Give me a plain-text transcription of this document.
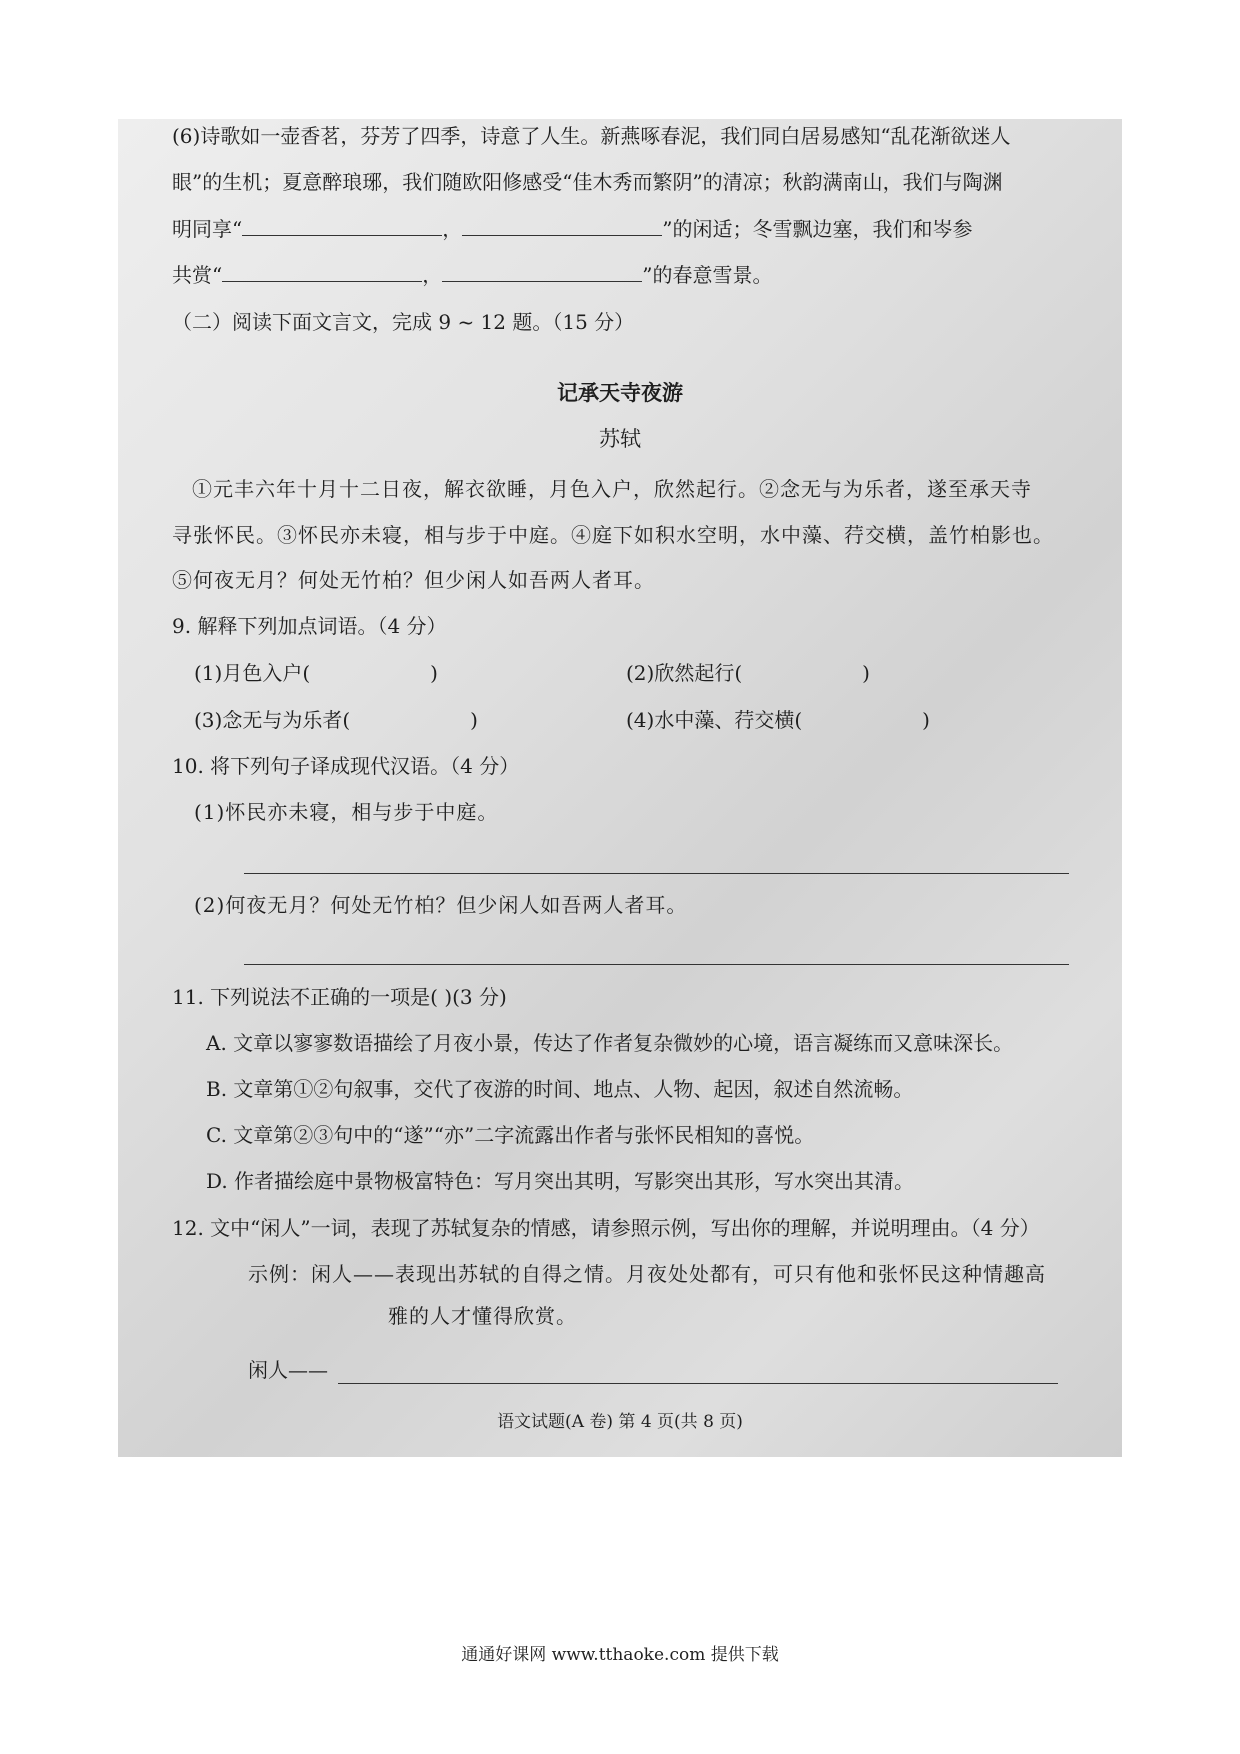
(6)诗歌如一壶香茗，芬芳了四季，诗意了人生。新燕啄春泥，我们同白居易感知“乱花渐欲迷人
眼”的生机；夏意醉琅琊，我们随欧阳修感受“佳木秀而繁阴”的清凉；秋韵满南山，我们与陶渊
明同享“	，	”的闲适；冬雪飘边塞，我们和岑参
共赏“	，	”的春意雪景。
（二）阅读下面文言文，完成 9 ~ 12 题。（15 分）
记承天寺夜游
苏轼
①元丰六年十月十二日夜，解衣欲睡，月色入户，欣然起行。②念无与为乐者，遂至承天寺
寻张怀民。③怀民亦未寝，相与步于中庭。④庭下如积水空明，水中藻、荇交横，盖竹柏影也。
⑤何夜无月？何处无竹柏？但少闲人如吾两人者耳。
9. 解释下列加点词语。（4 分）
(1)月色入户(	)	(2)欣然起行(	)
(3)念无与为乐者(	)	(4)水中藻、荇交横(	)
10. 将下列句子译成现代汉语。（4 分）
(1)怀民亦未寝，相与步于中庭。
(2)何夜无月？何处无竹柏？但少闲人如吾两人者耳。
11. 下列说法不正确的一项是( )(3 分)
A. 文章以寥寥数语描绘了月夜小景，传达了作者复杂微妙的心境，语言凝练而又意味深长。
B. 文章第①②句叙事，交代了夜游的时间、地点、人物、起因，叙述自然流畅。
C. 文章第②③句中的“遂”“亦”二字流露出作者与张怀民相知的喜悦。
D. 作者描绘庭中景物极富特色：写月突出其明，写影突出其形，写水突出其清。
12. 文中“闲人”一词，表现了苏轼复杂的情感，请参照示例，写出你的理解，并说明理由。（4 分）
示例：闲人——表现出苏轼的自得之情。月夜处处都有，可只有他和张怀民这种情趣高
雅的人才懂得欣赏。
闲人——
语文试题(A 卷) 第 4 页(共 8 页)
通通好课网 www.tthaoke.com 提供下载
